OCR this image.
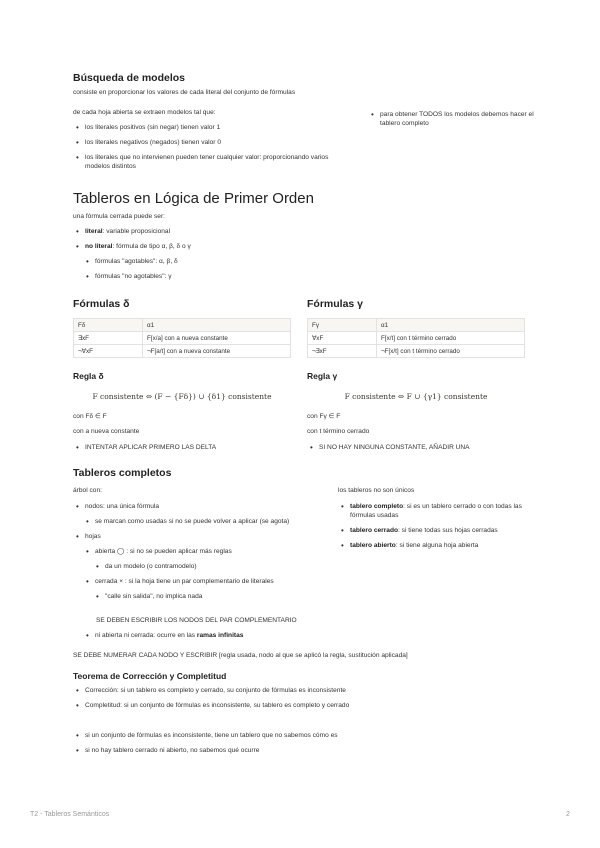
Búsqueda de modelos
consiste en proporcionar los valores de cada literal del conjunto de fórmulas
de cada hoja abierta se extraen modelos tal que:
• los literales positivos (sin negar) tienen valor 1
• los literales negativos (negados) tienen valor 0
• los literales que no intervienen pueden tener cualquier valor: proporcionando varios modelos distintos
• para obtener TODOS los modelos debemos hacer el tablero completo
Tableros en Lógica de Primer Orden
una fórmula cerrada puede ser:
• literal: variable proposicional
• no literal: fórmula de tipo α, β, δ o γ
• fórmulas "agotables": α, β, δ
• fórmulas "no agotables": γ
Fórmulas δ
Fδ	α1
∃xF	F[x/a] con a nueva constante
¬∀xF	¬F[a/t] con a nueva constante
Fórmulas γ
Fγ	α1
∀xF	F[x/t] con t término cerrado
¬∃xF	¬F[x/t] con t término cerrado
Regla δ
F consistente ⇔ (F − {Fδ}) ∪ {δ1} consistente
con Fδ ∈ F
con a nueva constante
• INTENTAR APLICAR PRIMERO LAS DELTA
Regla γ
F consistente ⇔ F ∪ {γ1} consistente
con Fγ ∈ F
con t término cerrado
• SI NO HAY NINGUNA CONSTANTE, AÑADIR UNA
Tableros completos
árbol con:
• nodos: una única fórmula
• se marcan como usadas si no se puede volver a aplicar (se agota)
• hojas
• abierta ◯ : si no se pueden aplicar más reglas
• da un modelo (o contramodelo)
• cerrada × : si la hoja tiene un par complementario de literales
• "calle sin salida", no implica nada
SE DEBEN ESCRIBIR LOS NODOS DEL PAR COMPLEMENTARIO
• ni abierta ni cerrada: ocurre en las ramas infinitas
los tableros no son únicos
• tablero completo: si es un tablero cerrado o con todas las fórmulas usadas
• tablero cerrado: si tiene todas sus hojas cerradas
• tablero abierto: si tiene alguna hoja abierta
SE DEBE NUMERAR CADA NODO Y ESCRIBIR [regla usada, nodo al que se aplicó la regla, sustitución aplicada]
Teorema de Corrección y Completitud
• Corrección: si un tablero es completo y cerrado, su conjunto de fórmulas es inconsistente
• Completitud: si un conjunto de fórmulas es inconsistente, su tablero es completo y cerrado
• si un conjunto de fórmulas es inconsistente, tiene un tablero que no sabemos cómo es
• si no hay tablero cerrado ni abierto, no sabemos qué ocurre
T2 - Tableros Semánticos	2
